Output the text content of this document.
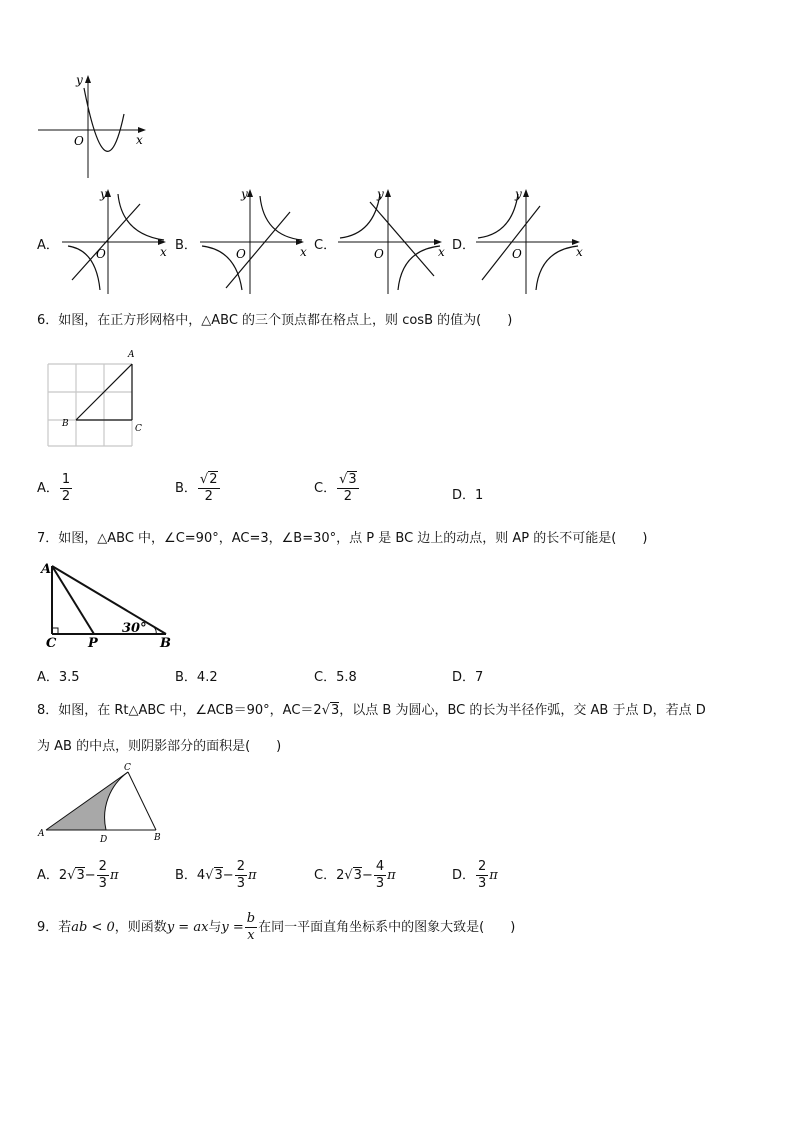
x
y
O
A．	x
y
O
B．	x
y
O
C．	x
y
O
D．	x
y
O
6．如图，在正方形网格中，△ABC 的三个顶点都在格点上，则 cosB 的值为(　　)
A
B	C
A． $\frac{1}{2}$	B． $\frac{√2}{2}$	C． $\frac{√3}{2}$	D．1
7．如图，△ABC 中，∠C=90°，AC=3，∠B=30°，点 P 是 BC 边上的动点，则 AP 的长不可能是(　　)
A
C P	B
30°
A．3.5	B．4.2	C．5.8	D．7
8．如图，在 Rt△ABC 中，∠ACB＝90°，AC＝2√3，以点 B 为圆心，BC 的长为半径作弧，交 AB 于点 D，若点 D
为 AB 的中点，则阴影部分的面积是(　　)
C
A
D	B
A．$2√3- \frac{2}{3}$ π	B．$4√3- \frac{2}{3}$ π	C．$2√3- \frac{4}{3}$ π	D． $\frac{2}{3}$ π
9．若ab < 0，则函数y = ax与$y = \frac{b}{x}$ 在同一平面直角坐标系中的图象大致是(　　)
